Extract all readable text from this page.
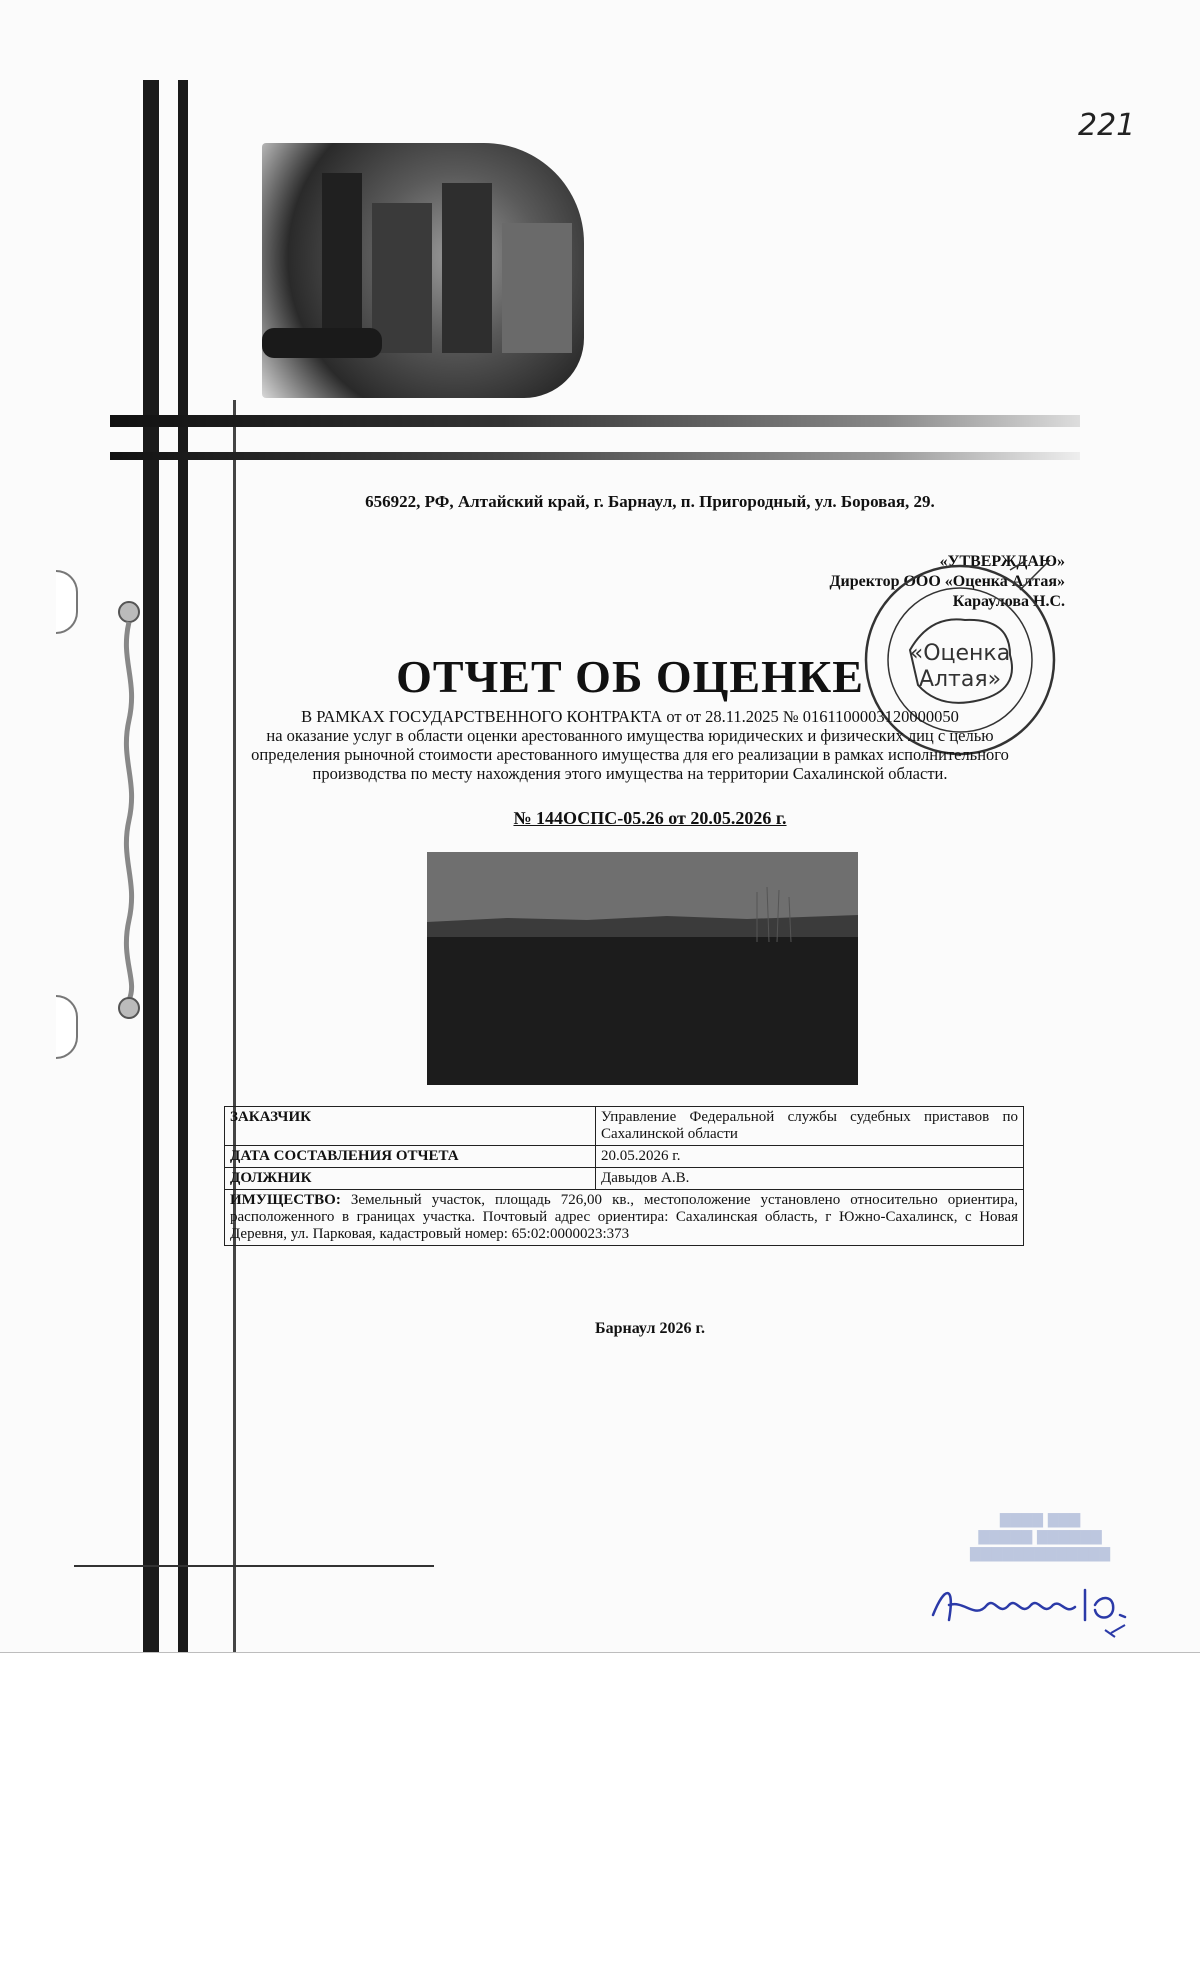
221
656922, РФ, Алтайский край, г. Барнаул, п. Пригородный, ул. Боровая, 29.
«УТВЕРЖДАЮ»
Директор ООО «Оценка Алтая»
Караулова Н.С.
«Оценка
Алтая»
ОТЧЕТ ОБ ОЦЕНКЕ
В РАМКАХ ГОСУДАРСТВЕННОГО КОНТРАКТА от от 28.11.2025 № 0161100003120000050
на оказание услуг в области оценки арестованного имущества юридических и физических лиц с целью
определения рыночной стоимости арестованного имущества для его реализации в рамках исполнительного
производства по месту нахождения этого имущества на территории Сахалинской области.
№ 144ОСПС-05.26 от 20.05.2026 г.
ЗАКАЗЧИК	Управление Федеральной службы судебных приставов по Сахалинской области
ДАТА СОСТАВЛЕНИЯ ОТЧЕТА	20.05.2026 г.
ДОЛЖНИК	Давыдов А.В.
ИМУЩЕСТВО: Земельный участок, площадь 726,00 кв., местоположение установлено относительно ориентира, расположенного в границах участка. Почтовый адрес ориентира: Сахалинская область, г Южно-Сахалинск, с Новая Деревня, ул. Парковая, кадастровый номер: 65:02:0000023:373	
Барнаул 2026 г.
▇▇▇▇ ▇▇▇
▇▇▇▇▇ ▇▇▇▇▇▇
▇▇▇▇▇▇▇▇▇▇▇▇▇
